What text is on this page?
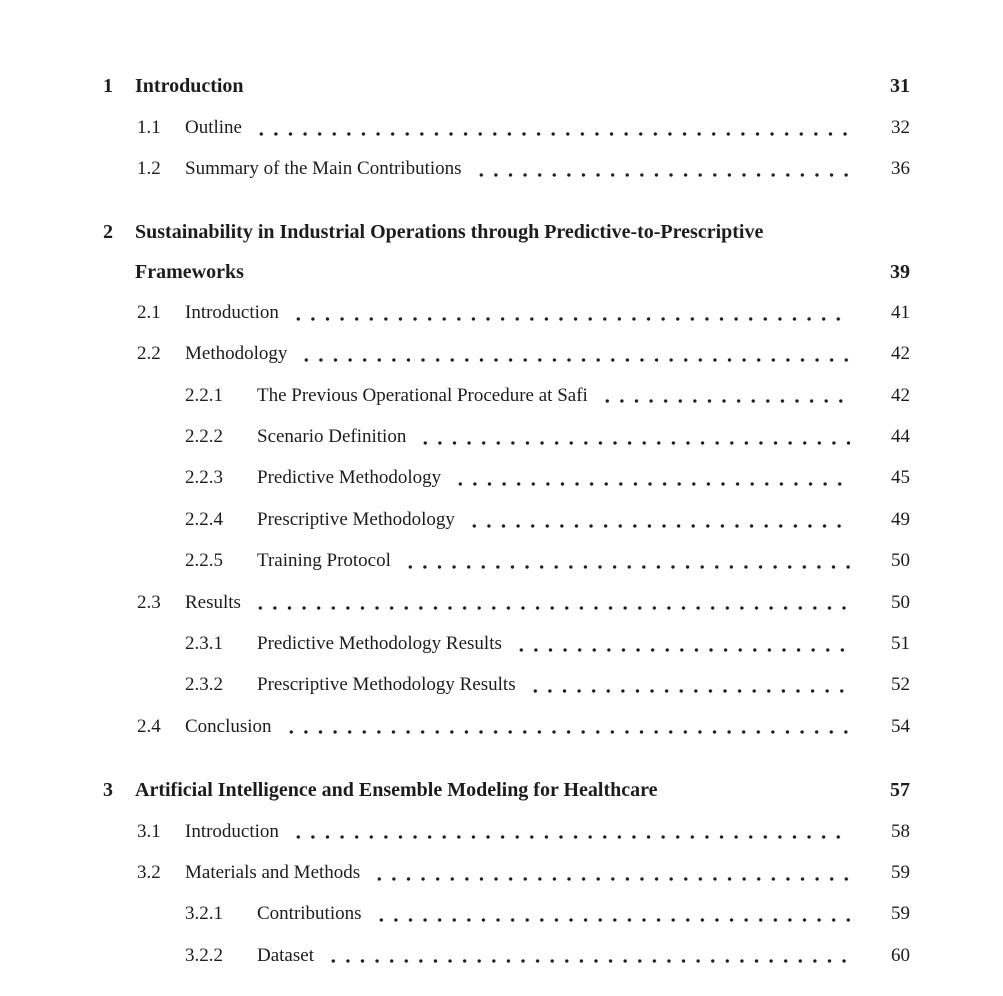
1	Introduction	31
1.1	Outline	32
1.2	Summary of the Main Contributions	36
2	Sustainability in Industrial Operations through Predictive-to-Prescriptive
Frameworks	39
2.1	Introduction	41
2.2	Methodology	42
2.2.1	The Previous Operational Procedure at Safi	42
2.2.2	Scenario Definition	44
2.2.3	Predictive Methodology	45
2.2.4	Prescriptive Methodology	49
2.2.5	Training Protocol	50
2.3	Results	50
2.3.1	Predictive Methodology Results	51
2.3.2	Prescriptive Methodology Results	52
2.4	Conclusion	54
3	Artificial Intelligence and Ensemble Modeling for Healthcare	57
3.1	Introduction	58
3.2	Materials and Methods	59
3.2.1	Contributions	59
3.2.2	Dataset	60
